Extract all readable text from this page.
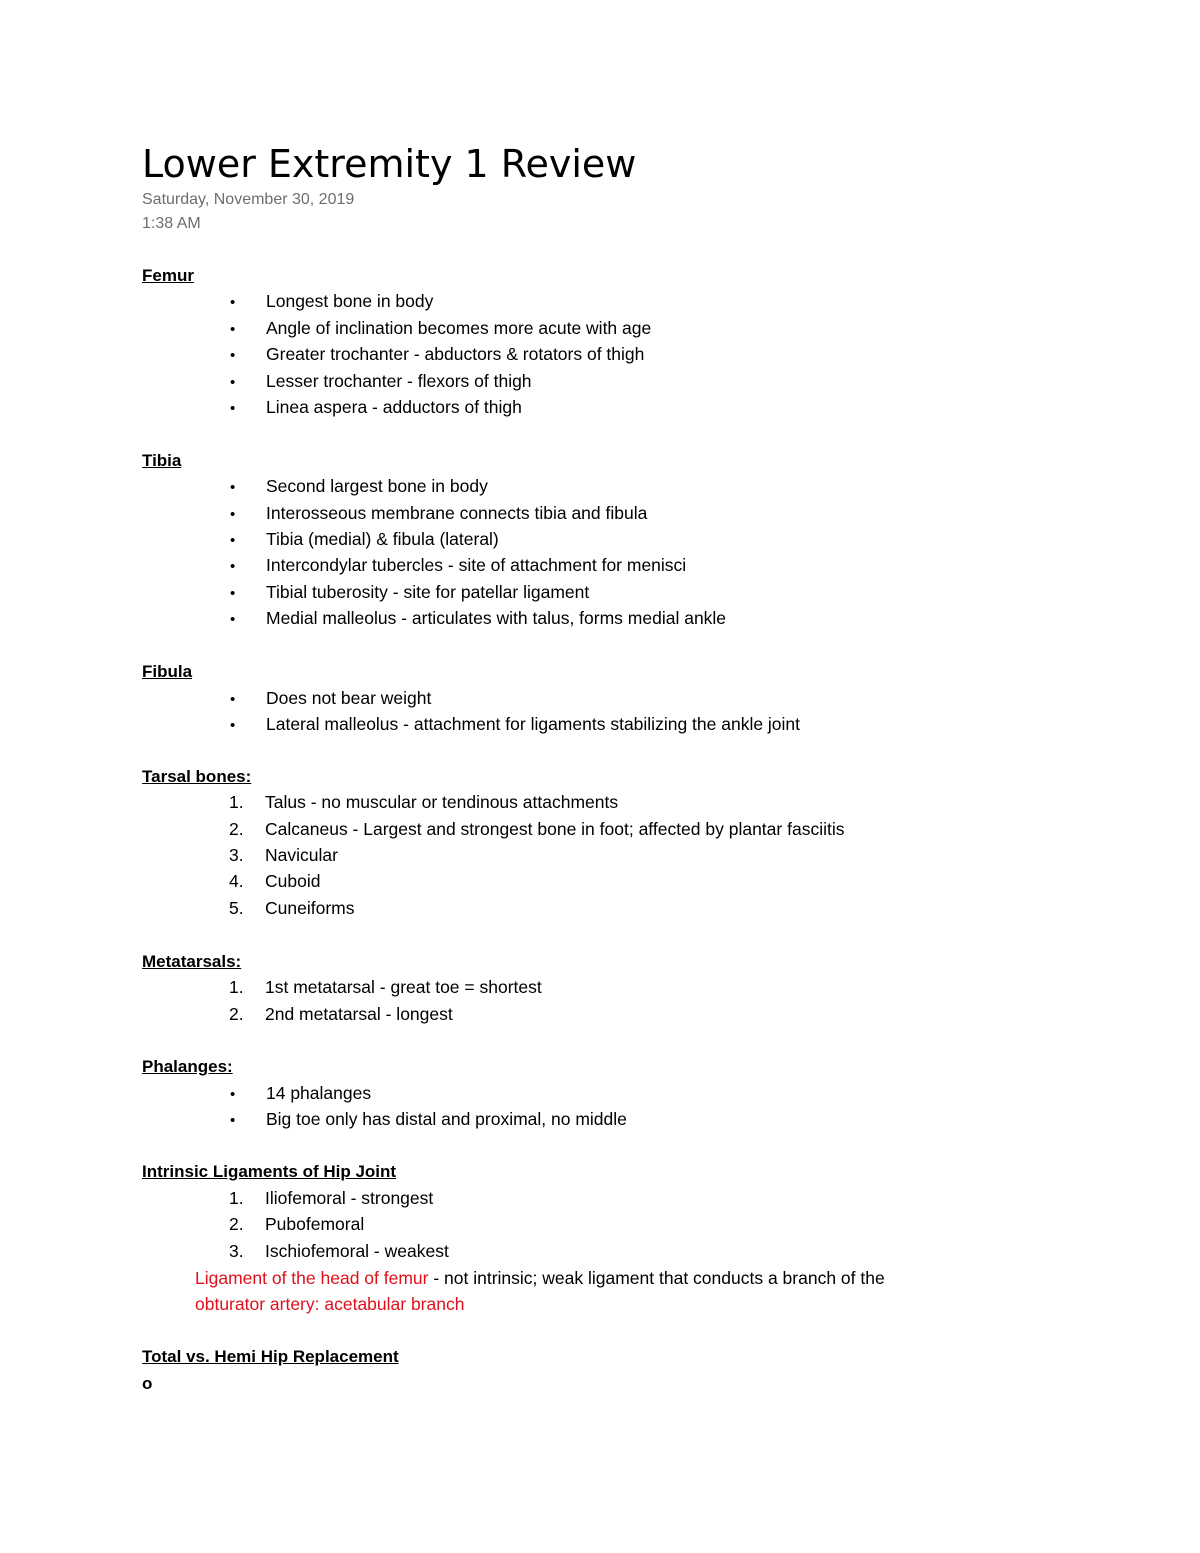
Lower Extremity 1 Review
Saturday, November 30, 2019
1:38 AM
Femur
• Longest bone in body
• Angle of inclination becomes more acute with age
• Greater trochanter - abductors & rotators of thigh
• Lesser trochanter - flexors of thigh
• Linea aspera - adductors of thigh
Tibia
• Second largest bone in body
• Interosseous membrane connects tibia and fibula
• Tibia (medial) & fibula (lateral)
• Intercondylar tubercles - site of attachment for menisci
• Tibial tuberosity - site for patellar ligament
• Medial malleolus - articulates with talus, forms medial ankle
Fibula
• Does not bear weight
• Lateral malleolus - attachment for ligaments stabilizing the ankle joint
Tarsal bones:
1. Talus - no muscular or tendinous attachments
2. Calcaneus - Largest and strongest bone in foot; affected by plantar fasciitis
3. Navicular
4. Cuboid
5. Cuneiforms
Metatarsals:
1. 1st metatarsal - great toe = shortest
2. 2nd metatarsal - longest
Phalanges:
• 14 phalanges
• Big toe only has distal and proximal, no middle
Intrinsic Ligaments of Hip Joint
1. Iliofemoral - strongest
2. Pubofemoral
3. Ischiofemoral - weakest
Ligament of the head of femur - not intrinsic; weak ligament that conducts a branch of the
obturator artery: acetabular branch
Total vs. Hemi Hip Replacement
o
